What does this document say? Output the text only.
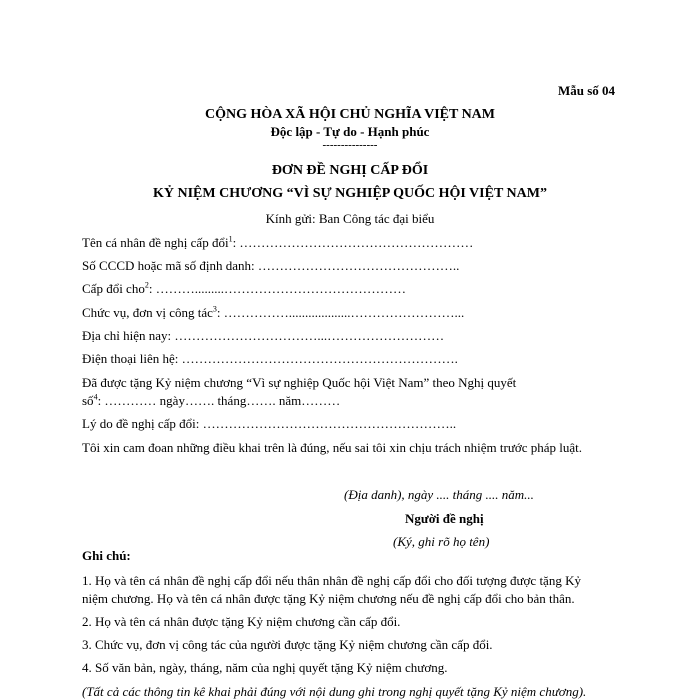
Mẫu số 04
CỘNG HÒA XÃ HỘI CHỦ NGHĨA VIỆT NAM
Độc lập - Tự do - Hạnh phúc
---------------
ĐƠN ĐỀ NGHỊ CẤP ĐỔI
KỶ NIỆM CHƯƠNG “VÌ SỰ NGHIỆP QUỐC HỘI VIỆT NAM”
Kính gửi: Ban Công tác đại biểu
Tên cá nhân đề nghị cấp đổi$^1$: ………………………………………………
Số CCCD hoặc mã số định danh: ………………………………………..
Cấp đổi cho$^2$: ……….........……………………………………
Chức vụ, đơn vị công tác$^3$: ……………...................……………………...
Địa chỉ hiện nay: ……………………………...………………………
Điện thoại liên hệ: ……………………………………………………….
Đã được tặng Kỷ niệm chương “Vì sự nghiệp Quốc hội Việt Nam” theo Nghị quyết
số$^4$: ………… ngày……. tháng……. năm………
Lý do đề nghị cấp đổi: …………………………………………………..
Tôi xin cam đoan những điều khai trên là đúng, nếu sai tôi xin chịu trách nhiệm trước pháp luật.
(Địa danh), ngày .... tháng .... năm...
Người đề nghị
(Ký, ghi rõ họ tên)
Ghi chú:
1. Họ và tên cá nhân đề nghị cấp đổi nếu thân nhân đề nghị cấp đổi cho đối tượng được tặng Kỷ
niệm chương. Họ và tên cá nhân được tặng Kỷ niệm chương nếu đề nghị cấp đổi cho bản thân.
2. Họ và tên cá nhân được tặng Kỷ niệm chương cần cấp đổi.
3. Chức vụ, đơn vị công tác của người được tặng Kỷ niệm chương cần cấp đổi.
4. Số văn bản, ngày, tháng, năm của nghị quyết tặng Kỷ niệm chương.
(Tất cả các thông tin kê khai phải đúng với nội dung ghi trong nghị quyết tặng Kỷ niệm chương).
